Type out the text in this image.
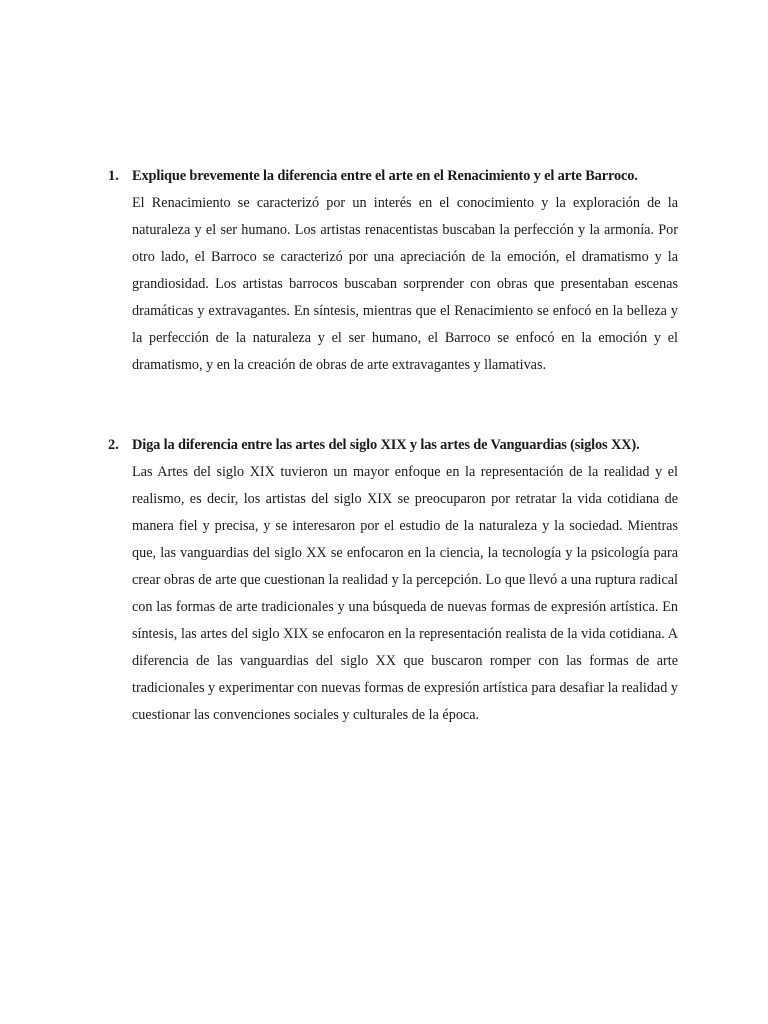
1. Explique brevemente la diferencia entre el arte en el Renacimiento y el arte Barroco.
El Renacimiento se caracterizó por un interés en el conocimiento y la exploración de la naturaleza y el ser humano. Los artistas renacentistas buscaban la perfección y la armonía. Por otro lado, el Barroco se caracterizó por una apreciación de la emoción, el dramatismo y la grandiosidad. Los artistas barrocos buscaban sorprender con obras que presentaban escenas dramáticas y extravagantes. En síntesis, mientras que el Renacimiento se enfocó en la belleza y la perfección de la naturaleza y el ser humano, el Barroco se enfocó en la emoción y el dramatismo, y en la creación de obras de arte extravagantes y llamativas.
2. Diga la diferencia entre las artes del siglo XIX y las artes de Vanguardias (siglos XX).
Las Artes del siglo XIX tuvieron un mayor enfoque en la representación de la realidad y el realismo, es decir, los artistas del siglo XIX se preocuparon por retratar la vida cotidiana de manera fiel y precisa, y se interesaron por el estudio de la naturaleza y la sociedad. Mientras que, las vanguardias del siglo XX se enfocaron en la ciencia, la tecnología y la psicología para crear obras de arte que cuestionan la realidad y la percepción. Lo que llevó a una ruptura radical con las formas de arte tradicionales y una búsqueda de nuevas formas de expresión artística. En síntesis, las artes del siglo XIX se enfocaron en la representación realista de la vida cotidiana. A diferencia de las vanguardias del siglo XX que buscaron romper con las formas de arte tradicionales y experimentar con nuevas formas de expresión artística para desafiar la realidad y cuestionar las convenciones sociales y culturales de la época.
